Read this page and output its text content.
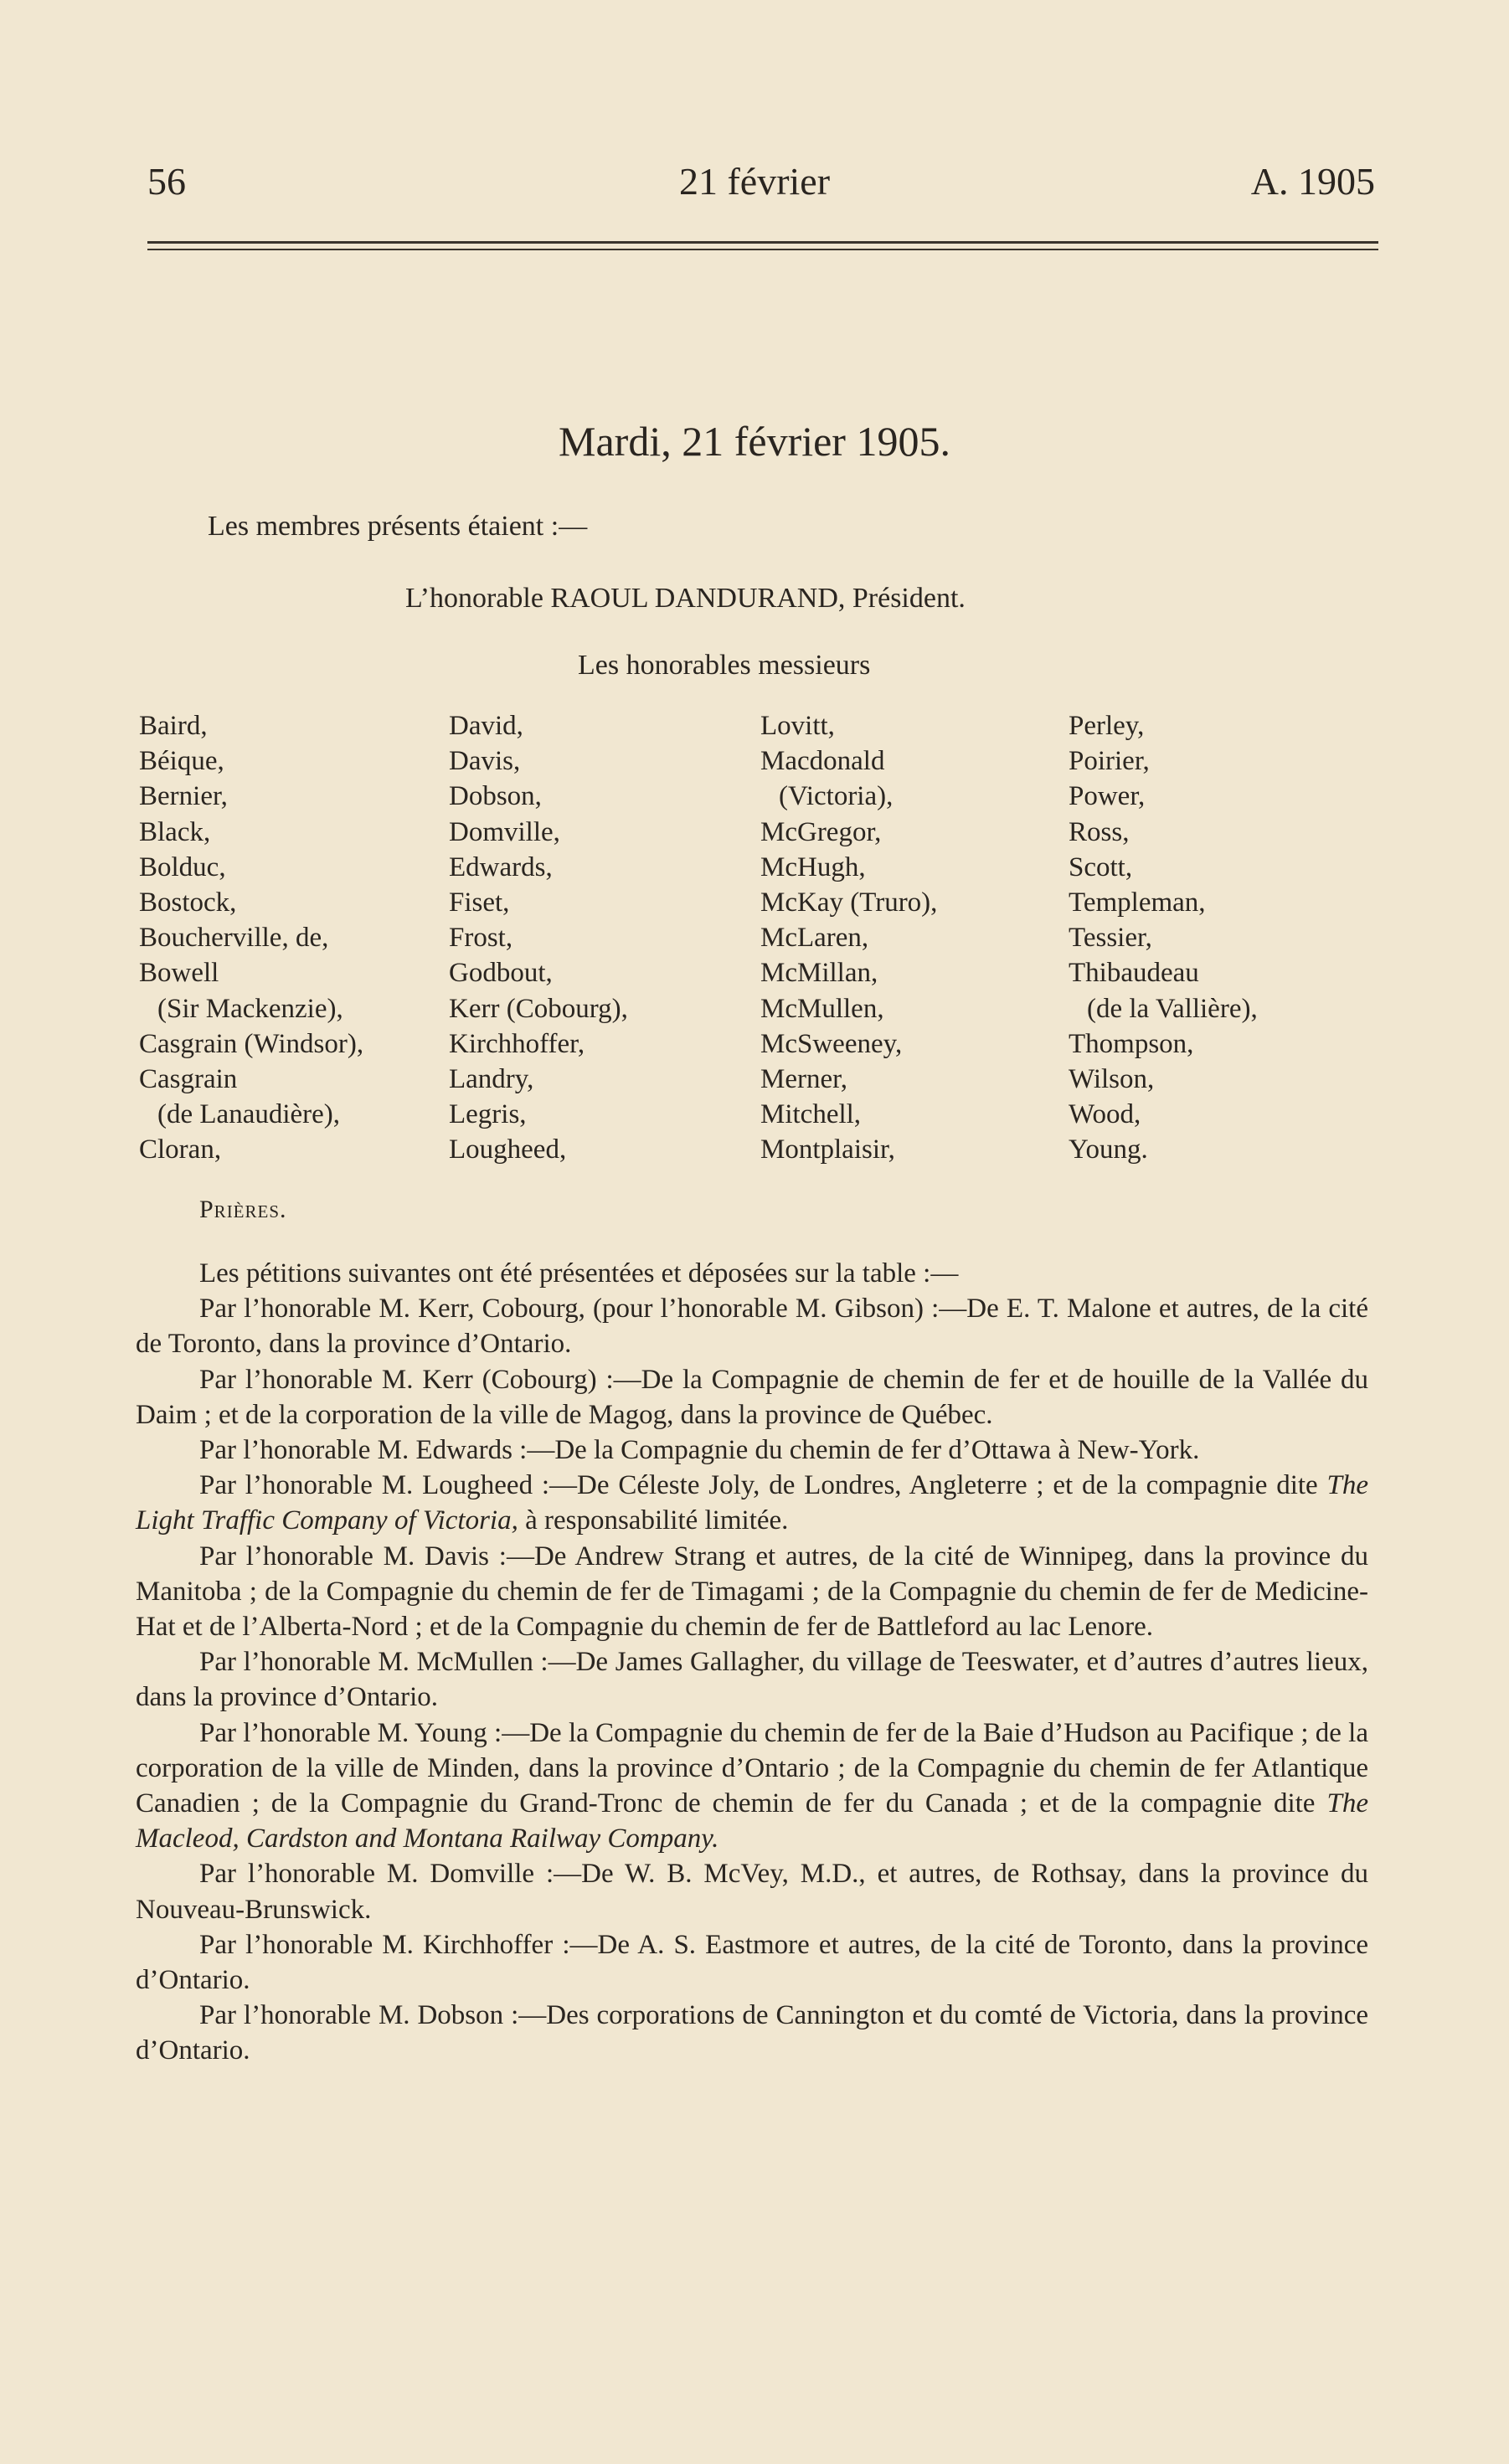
56	21 février	A. 1905
Mardi, 21 février 1905.
Les membres présents étaient :—
L’honorable RAOUL DANDURAND, Président.
Les honorables messieurs
Baird,
Béique,
Bernier,
Black,
Bolduc,
Bostock,
Boucherville, de,
Bowell
(Sir Mackenzie),
Casgrain (Windsor),
Casgrain
(de Lanaudière),
Cloran,
David,
Davis,
Dobson,
Domville,
Edwards,
Fiset,
Frost,
Godbout,
Kerr (Cobourg),
Kirchhoffer,
Landry,
Legris,
Lougheed,
Lovitt,
Macdonald
(Victoria),
McGregor,
McHugh,
McKay (Truro),
McLaren,
McMillan,
McMullen,
McSweeney,
Merner,
Mitchell,
Montplaisir,
Perley,
Poirier,
Power,
Ross,
Scott,
Templeman,
Tessier,
Thibaudeau
(de la Vallière),
Thompson,
Wilson,
Wood,
Young.
Prières.

Les pétitions suivantes ont été présentées et déposées sur la table :—

Par l’honorable M. Kerr, Cobourg, (pour l’honorable M. Gibson) :—De E. T. Malone et autres, de la cité de Toronto, dans la province d’Ontario.

Par l’honorable M. Kerr (Cobourg) :—De la Compagnie de chemin de fer et de houille de la Vallée du Daim ; et de la corporation de la ville de Magog, dans la province de Québec.

Par l’honorable M. Edwards :—De la Compagnie du chemin de fer d’Ottawa à New-York.

Par l’honorable M. Lougheed :—De Céleste Joly, de Londres, Angleterre ; et de la compagnie dite The Light Traffic Company of Victoria, à responsabilité limitée.

Par l’honorable M. Davis :—De Andrew Strang et autres, de la cité de Winnipeg, dans la province du Manitoba ; de la Compagnie du chemin de fer de Timagami ; de la Compagnie du chemin de fer de Medicine-Hat et de l’Alberta-Nord ; et de la Compagnie du chemin de fer de Battleford au lac Lenore.

Par l’honorable M. McMullen :—De James Gallagher, du village de Teeswater, et d’autres d’autres lieux, dans la province d’Ontario.

Par l’honorable M. Young :—De la Compagnie du chemin de fer de la Baie d’Hudson au Pacifique ; de la corporation de la ville de Minden, dans la province d’Ontario ; de la Compagnie du chemin de fer Atlantique Canadien ; de la Compagnie du Grand-Tronc de chemin de fer du Canada ; et de la compagnie dite The Macleod, Cardston and Montana Railway Company.

Par l’honorable M. Domville :—De W. B. McVey, M.D., et autres, de Rothsay, dans la province du Nouveau-Brunswick.

Par l’honorable M. Kirchhoffer :—De A. S. Eastmore et autres, de la cité de Toronto, dans la province d’Ontario.

Par l’honorable M. Dobson :—Des corporations de Cannington et du comté de Victoria, dans la province d’Ontario.
